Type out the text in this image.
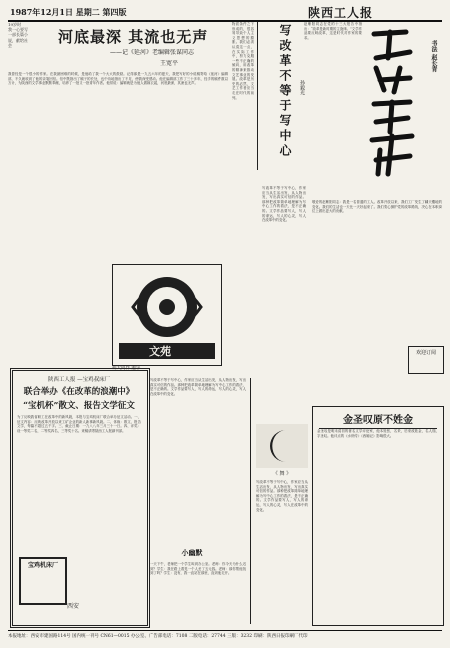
1987年12月1日 星期二 第四版	陕西工人报
19岁时
我一心要写
一部长篇小
说，献给社
会	河底最深 其流也无声
——记《延河》老编辑张谋同志
王宽平
我曾经是一个很小的作家。在我最困难的时候，是他给了我一个大大的鼓励。记得那是一九五六年的夏天，我把写好的小说稿寄给《延河》编辑部，不久就收到了他的亲笔回信。信中既指出了稿子的长处，也中肯地指出了不足，使我深受感动。他在编辑部工作了三十多年，经手的稿件数以万计，为陕西的文学事业默默奉献，培养了一批又一批青年作者。他常说：编辑就是为他人做嫁衣裳，河底最深，其流也无声。
物质条件之下形成的，很容易导致个人主义思想的膨胀。我们必须认清这一点，在实际工作中，努力克服一些不正确的倾向，用改革的精神来推动文艺事业的发展。改革是历史的必然，文艺工作者应当走在时代的前列。	写改革不等于写中心	孙毅光
赵紫阳同志在党的十三大报告中指出：“改革是新时期的主旋律。”文学作品要反映改革，这是时代对作家的要求。
书法 赵长青
写改革不等于写中心，作家应当从生活出发，从人物出发，写出真实可信的作品。那种把改革简单地理解为写中心工作的看法，是不正确的。文学作品要写人，写人的命运，写人的心灵，写人在改革中的变化。
文苑
胡大同作 题字
陕西工人报 —宝鸡叔床厂
联合举办《在改革的浪潮中》
“宝机杯”散文、报告文学征文
为了反映我省职工在改革中的新风貌，本报与宝鸡机床厂联合举办征文活动。一、征文内容：反映改革开放以来工矿企业的新人新事新风貌。二、体裁：散文、报告文学，每篇不超过五千字。三、截止日期：一九八八年三月三十一日。四、评奖：设一等奖二名，二等奖四名，三等奖十名。来稿请寄陕西工人报副刊部。
宝鸡机床厂
西安
写改革不等于写中心，作家应当从生活出发，从人物出发，写出真实可信的作品。那种把改革简单地理解为写中心工作的看法，是不正确的。文学作品要写人，写人的命运，写人的心灵，写人在改革中的变化。
小幽默
一天下午，老师把一个学生叫到办公室。老师：你今天为什么迟到？学生：我在路上看见一个人丢了五元钱。老师：那你帮他找到了吗？学生：没有，我一直站在那里，直到他走开。
《 舞 》
写改革不等于写中心，作家应当从生活出发，从人物出发，写出真实可信的作品。那种把改革简单地理解为写中心工作的看法，是不正确的。文学作品要写人，写人的命运，写人的心灵，写人在改革中的变化。
敬爱的赵紫阳同志：我是一名普通的工人。改革开放以来，我们工厂发生了翻天覆地的变化。我们的生活也一天比一天好起来了。我们衷心拥护党的改革路线，决心在本职岗位上做出更大的贡献。
欢迎订阅
金圣叹原不姓金
金圣叹是明末清初的著名文学评论家，他本姓张，名采，后来改姓金，名人瑞，字圣叹。他评点的《水浒传》《西厢记》影响很大。
本报地址：西安市建国路114号 国内统一刊号 CN61—0015 办公室、广告部电话：7108 二版电话：27744 三版：3232 印刷：陕西日报印刷厂代印
